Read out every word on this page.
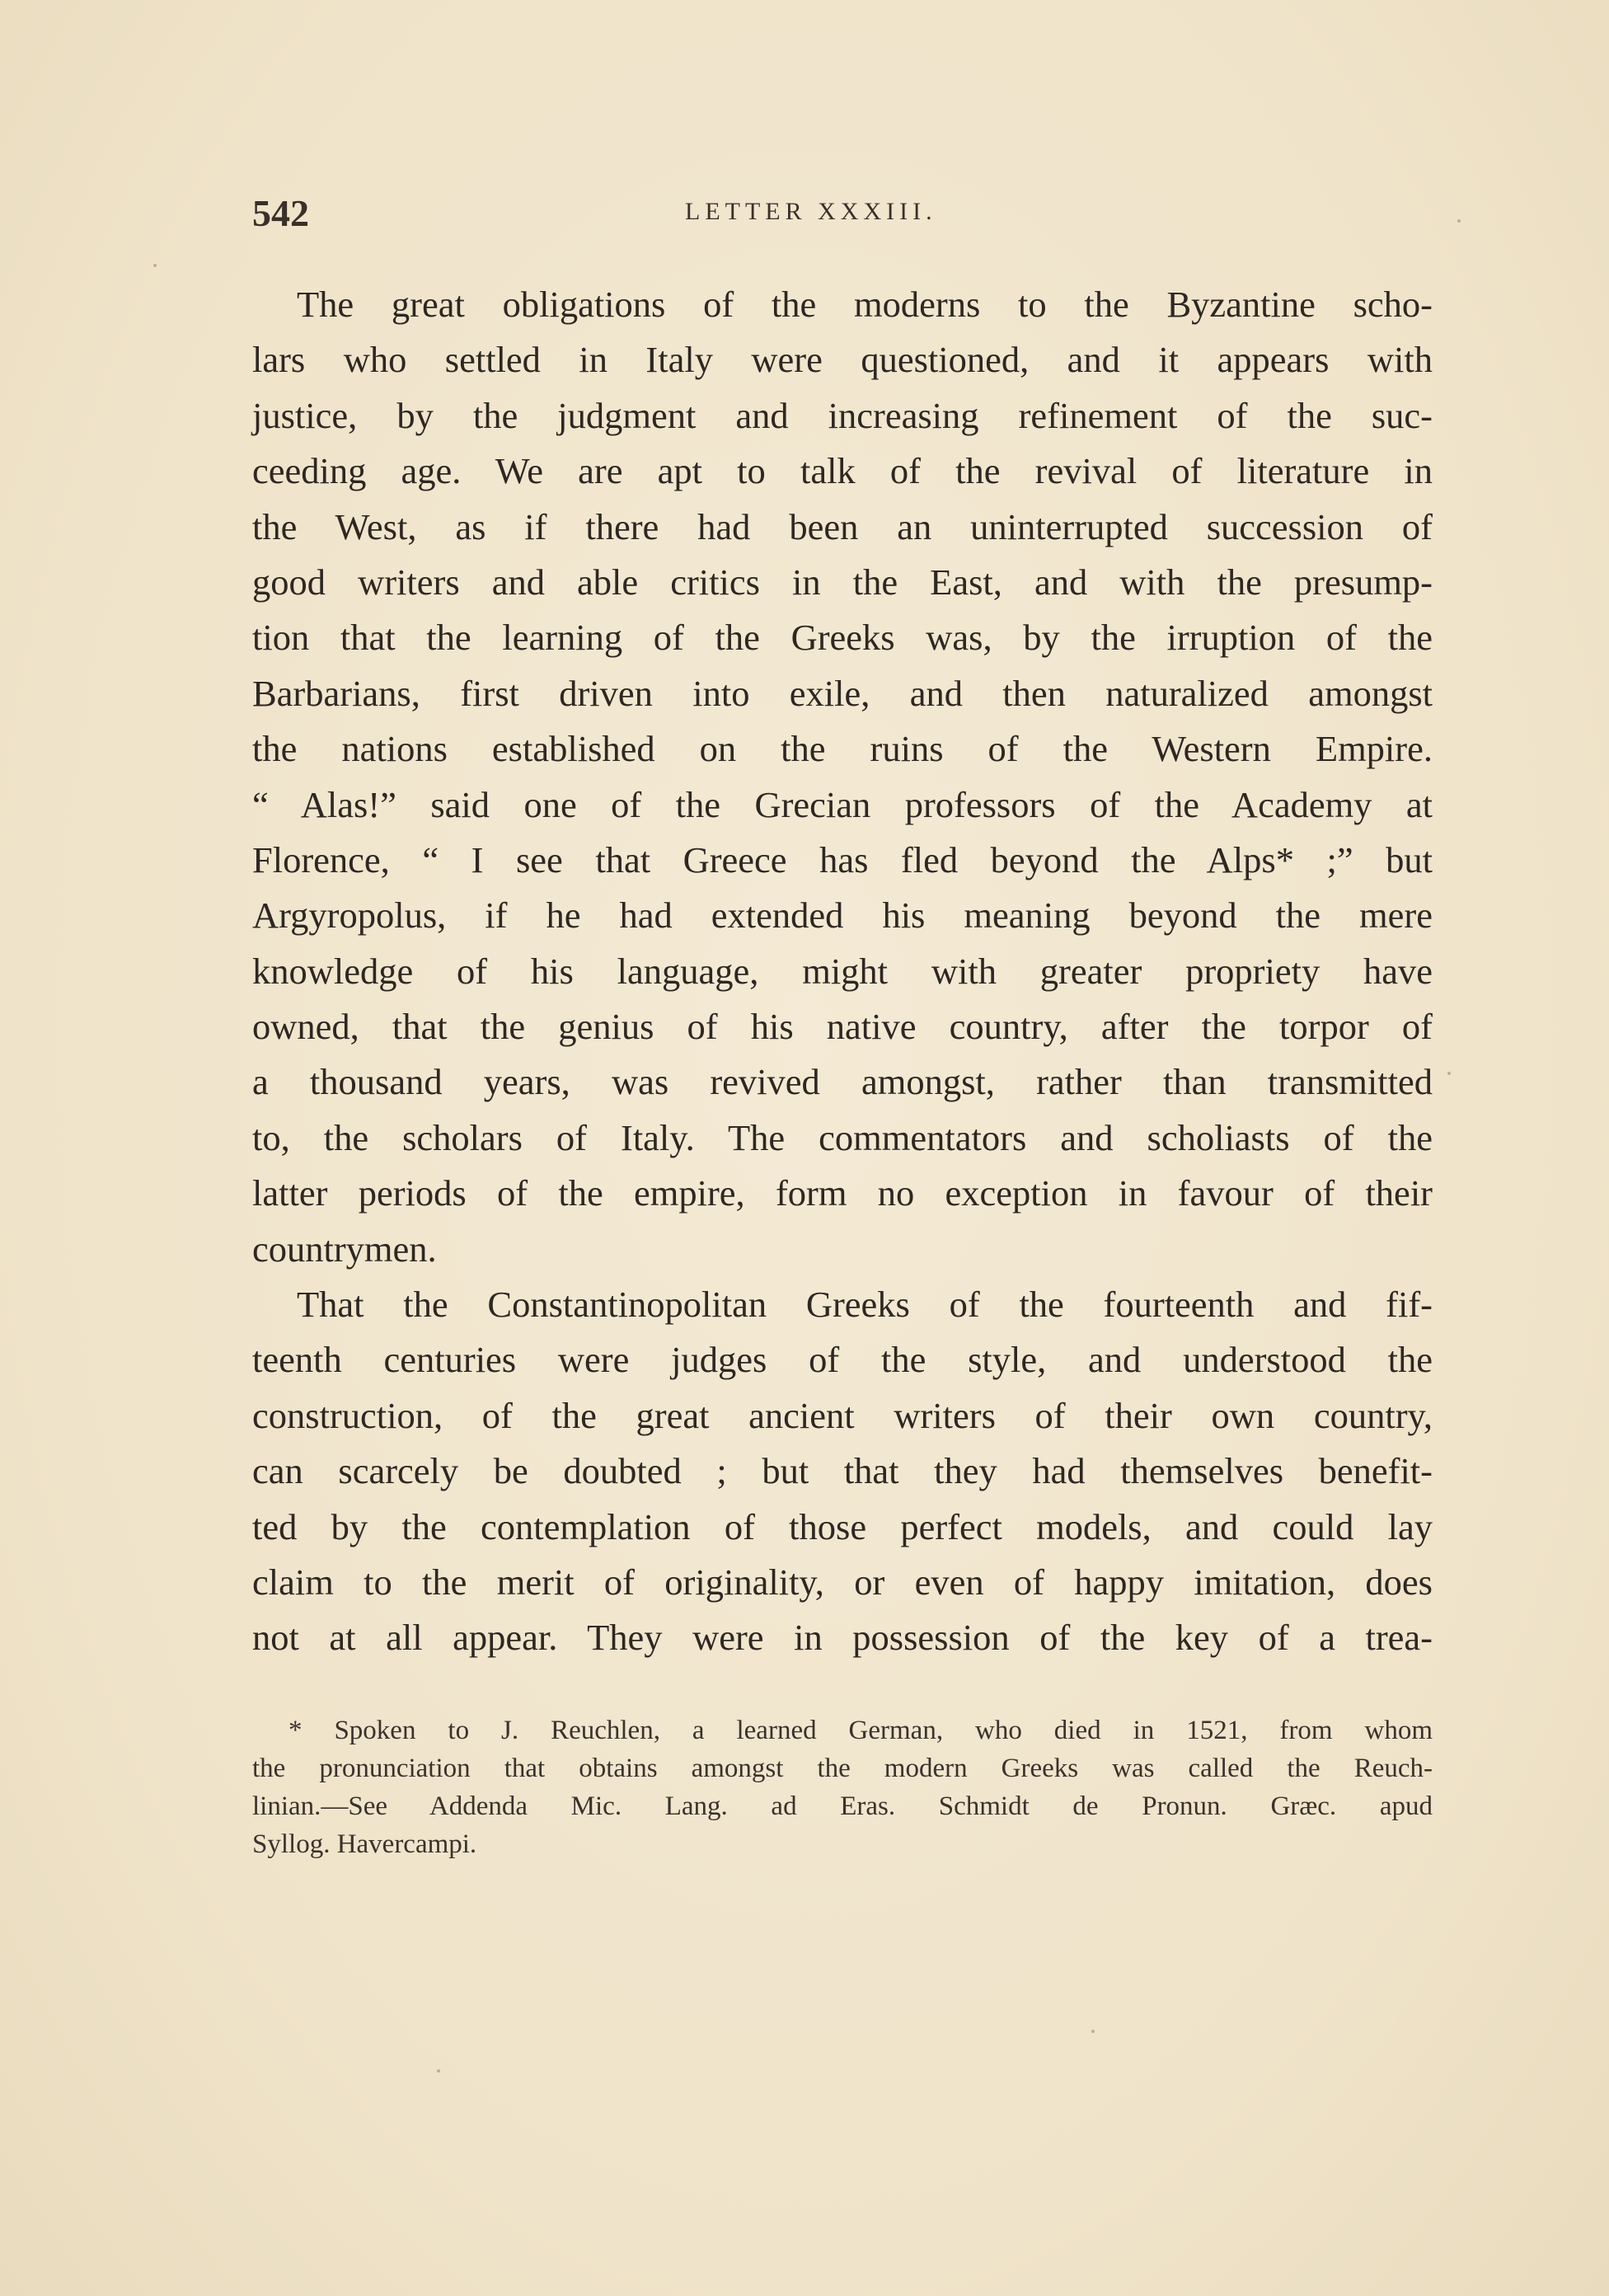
542	LETTER XXXIII.
The great obligations of the moderns to the Byzantine scho-
lars who settled in Italy were questioned, and it appears with
justice, by the judgment and increasing refinement of the suc-
ceeding age. We are apt to talk of the revival of literature in
the West, as if there had been an uninterrupted succession of
good writers and able critics in the East, and with the presump-
tion that the learning of the Greeks was, by the irruption of the
Barbarians, first driven into exile, and then naturalized amongst
the nations established on the ruins of the Western Empire.
“ Alas!” said one of the Grecian professors of the Academy at
Florence, “ I see that Greece has fled beyond the Alps* ;” but
Argyropolus, if he had extended his meaning beyond the mere
knowledge of his language, might with greater propriety have
owned, that the genius of his native country, after the torpor of
a thousand years, was revived amongst, rather than transmitted
to, the scholars of Italy. The commentators and scholiasts of the
latter periods of the empire, form no exception in favour of their
countrymen.
That the Constantinopolitan Greeks of the fourteenth and fif-
teenth centuries were judges of the style, and understood the
construction, of the great ancient writers of their own country,
can scarcely be doubted ; but that they had themselves benefit-
ted by the contemplation of those perfect models, and could lay
claim to the merit of originality, or even of happy imitation, does
not at all appear. They were in possession of the key of a trea-
* Spoken to J. Reuchlen, a learned German, who died in 1521, from whom
the pronunciation that obtains amongst the modern Greeks was called the Reuch-
linian.—See Addenda Mic. Lang. ad Eras. Schmidt de Pronun. Græc. apud
Syllog. Havercampi.
